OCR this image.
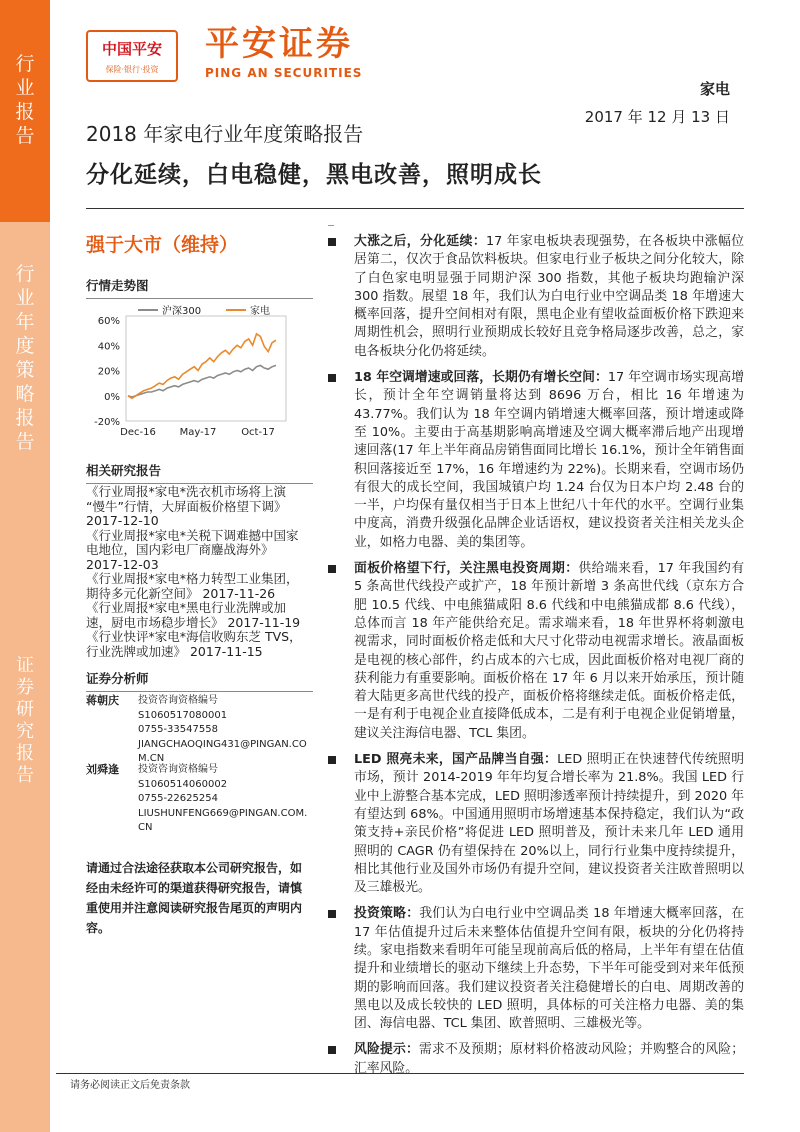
行
业
报
告
行
业
年
度
策
略
报
告
证
券
研
究
报
告
中国平安
保险·银行·投资
平安证券
PING AN SECURITIES
家电
2017 年 12 月 13 日
2018 年家电行业年度策略报告
分化延续，白电稳健，黑电改善，照明成长
强于大市（维持）
行情走势图
60%
40%
20%
0%
-20%
Dec-16 May-17 Oct-17
沪深300	家电
相关研究报告
《行业周报*家电*洗衣机市场将上演
“慢牛”行情，大屏面板价格望下调》
2017-12-10
《行业周报*家电*关税下调难撼中国家
电地位，国内彩电厂商鏖战海外》
2017-12-03
《行业周报*家电*格力转型工业集团，
期待多元化新空间》 2017-11-26
《行业周报*家电*黑电行业洗牌或加
速，厨电市场稳步增长》 2017-11-19
《行业快评*家电*海信收购东芝 TVS，
行业洗牌或加速》 2017-11-15
证券分析师
蒋朝庆 投资咨询资格编号
S1060517080001
0755-33547558
JIANGCHAOQING431@PINGAN.CO
M.CN
刘舜逢 投资咨询资格编号
S1060514060002
0755-22625254
LIUSHUNFENG669@PINGAN.COM.
CN
请通过合法途径获取本公司研究报告，如经由未经许可的渠道获得研究报告，请慎重使用并注意阅读研究报告尾页的声明内容。
大涨之后，分化延续：17 年家电板块表现强势，在各板块中涨幅位居第二，仅次于食品饮料板块。但家电行业子板块之间分化较大，除了白色家电明显强于同期沪深 300 指数，其他子板块均跑输沪深 300 指数。展望 18 年，我们认为白电行业中空调品类 18 年增速大概率回落，提升空间相对有限，黑电企业有望收益面板价格下跌迎来周期性机会，照明行业预期成长较好且竞争格局逐步改善，总之，家电各板块分化仍将延续。
18 年空调增速或回落，长期仍有增长空间：17 年空调市场实现高增长，预计全年空调销量将达到 8696 万台，相比 16 年增速为 43.77%。我们认为 18 年空调内销增速大概率回落，预计增速或降至 10%。主要由于高基期影响高增速及空调大概率滞后地产出现增速回落(17 年上半年商品房销售面同比增长 16.1%，预计全年销售面积回落接近至 17%，16 年增速约为 22%)。长期来看，空调市场仍有很大的成长空间，我国城镇户均 1.24 台仅为日本户均 2.48 台的一半，户均保有量仅相当于日本上世纪八十年代的水平。空调行业集中度高，消费升级强化品牌企业话语权，建议投资者关注相关龙头企业，如格力电器、美的集团等。
面板价格望下行，关注黑电投资周期：供给端来看，17 年我国约有 5 条高世代线投产或扩产，18 年预计新增 3 条高世代线（京东方合肥 10.5 代线、中电熊猫咸阳 8.6 代线和中电熊猫成都 8.6 代线），总体而言 18 年产能供给充足。需求端来看，18 年世界杯将刺激电视需求，同时面板价格走低和大尺寸化带动电视需求增长。液晶面板是电视的核心部件，约占成本的六七成，因此面板价格对电视厂商的获利能力有重要影响。面板价格在 17 年 6 月以来开始承压，预计随着大陆更多高世代线的投产，面板价格将继续走低。面板价格走低，一是有利于电视企业直接降低成本，二是有利于电视企业促销增量，建议关注海信电器、TCL 集团。
LED 照亮未来，国产品牌当自强：LED 照明正在快速替代传统照明市场，预计 2014-2019 年年均复合增长率为 21.8%。我国 LED 行业中上游整合基本完成，LED 照明渗透率预计持续提升，到 2020 年有望达到 68%。中国通用照明市场增速基本保持稳定，我们认为“政策支持+亲民价格”将促进 LED 照明普及，预计未来几年 LED 通用照明的 CAGR 仍有望保持在 20%以上，同行行业集中度持续提升，相比其他行业及国外市场仍有提升空间，建议投资者关注欧普照明以及三雄极光。
投资策略：我们认为白电行业中空调品类 18 年增速大概率回落，在 17 年估值提升过后未来整体估值提升空间有限，板块的分化仍将持续。家电指数来看明年可能呈现前高后低的格局，上半年有望在估值提升和业绩增长的驱动下继续上升态势，下半年可能受到对来年低预期的影响而回落。我们建议投资者关注稳健增长的白电、周期改善的黑电以及成长较快的 LED 照明，具体标的可关注格力电器、美的集团、海信电器、TCL 集团、欧普照明、三雄极光等。
风险提示：需求不及预期；原材料价格波动风险；并购整合的风险；汇率风险。
请务必阅读正文后免责条款
